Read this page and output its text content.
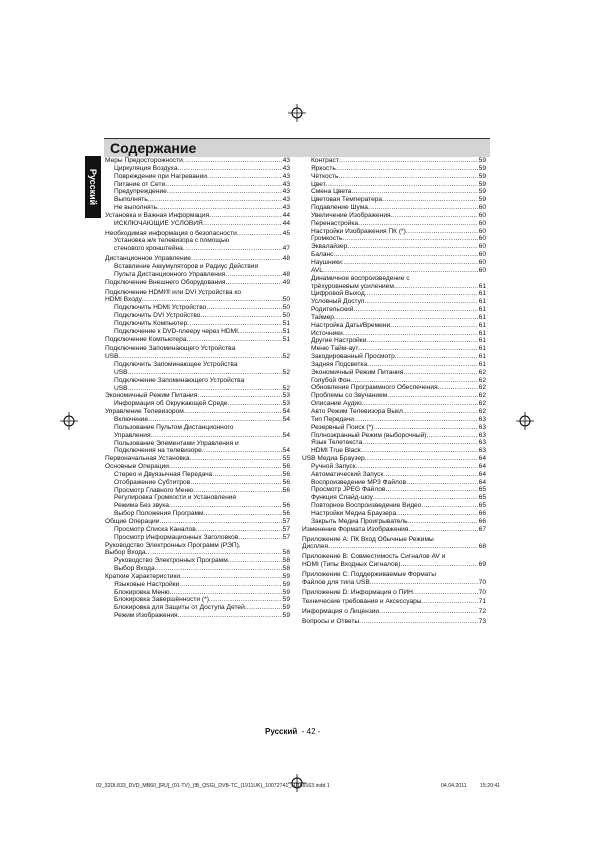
Содержание
Русский
Меры Предосторожности .....	43
Циркуляция Воздуха .....	43
Повреждение при Нагревании .....	43
Питание от Сети .....	43
Предупреждение .....	43
Выполнять .....	43
Не выполнять .....	43
Установка и Важная Информация .....	44
ИСКЛЮЧАЮЩИЕ УСЛОВИЯ .....	44
Необходимая информация о безопасности .....	45
Установка ж/к телевизора с помощью
стенового кронштейна .....	47
Дистанционное Управление .....	48
Вставление Аккумуляторов и Радиус Действия
Пульта Дистанционного Управления .....	48
Подключение Внешнего Оборудования .....	49
Подключение HDMI® или DVI Устройства ко
HDMI Входу .....	50
Подключить HDMI Устройство .....	50
Подключить DVI Устройство .....	50
Подключить Компьютер .....	51
Подключение к DVD-плееру через HDMI .....	51
Подключение Компьютера .....	51
Подключение Запоминающего Устройства
USB .....	52
Подключить Запоминающее Устройства
USB .....	52
Подключение Запоминающего Устройства
USB .....	52
Экономичный Режим Питания .....	53
Информация об Окружающей Среде .....	53
Управление Телевизором .....	54
Включение .....	54
Пользование Пультом Дистанционного
Управления .....	54
Пользование Элементами Управления и
Подключения на телевизоре .....	54
Первоначальная Установка .....	55
Основные Операции .....	56
Стерео и Двуязычная Передача .....	56
Отображение Субтитров .....	56
Просмотр Главного Меню .....	56
Регулировка Громкости и Установления
Режима Без звука .....	56
Выбор Положения Программ .....	56
Общие Операции .....	57
Просмотр Списка Каналов .....	57
Просмотр Информационных Заголовков .....	57
Руководство Электронных Программ (РЭП),
Выбор Входа .....	58
Руководство Электронных Программ .....	58
Выбор Входа .....	58
Краткие Характеристики .....	59
Языковые Настройки .....	59
Блокировка Меню .....	59
Блокировка Завершённости (*) .....	59
Блокировка для Защиты от Доступа Детей .....	59
Режим Изображения .....	59
Контраст .....	59
Яркость .....	59
Чёткость .....	59
Цвет .....	59
Смена Цвета .....	59
Цветовая Температера .....	59
Подавление Шума .....	60
Увеличение Изображения .....	60
Перенастройка .....	60
Настройки Изображения ПК (*) .....	60
Громкость .....	60
Эквалайзер .....	60
Баланс .....	60
Наушники .....	60
AVL .....	60
Динамичное воспроизведение с
трёхуровневым усилением .....	61
Цифровой Выход .....	61
Условный Доступ .....	61
Родительский .....	61
Таймер .....	61
Настройка Даты/Времени .....	61
Источники .....	61
Другие Настройки .....	61
Меню Тайм-аут .....	61
Закодированный Просмотр .....	61
Задняя Подсветка .....	61
Экономичный Режим Питания .....	62
Голубой Фон .....	62
Обновление Программного Обеспечения .....	62
Проблемы со Звучанием .....	62
Описание Аудио .....	62
Авто Режим Телевизора Выкл .....	62
Тип Передачи .....	63
Резервный Поиск (*) .....	63
Полноэкранный Режим (выборочный) .....	63
Язык Телетекста .....	63
HDMI True Black .....	63
USB Медиа Браузер .....	64
Ручной Запуск .....	64
Автоматический Запуск .....	64
Воспроизведение MP3 Файлов .....	64
Просмотр JPEG Файлов .....	65
Функция Слайд-шоу .....	65
Повторное Воспроизведение Видео .....	65
Настройки Медиа Браузера .....	66
Закрыть Медиа Проигрыватель .....	66
Изменение Формата Изображения .....	67
Приложение А: ПК Вход Обычные Режимы
Дисплея .....	68
Приложение В: Совместимость Сигналов AV и
HDMI (Типы Входных Сигналов) .....	69
Приложение С: Поддерживаемые Форматы
Файлов для типа USB .....	70
Приложение D: Информация о ПИН .....	70
Технические требования и Аксессуары .....	71
Информация о Лицензии .....	72
Вопросы и Ответы .....	73
Русский - 42 -
02_32DL833_DVD_MB60_[RU]_(01-TV)_(IB_QSG)_DVB-TC_(1911UK)_10072741_50189163.indd 1	04.04.2011	15:20:41
